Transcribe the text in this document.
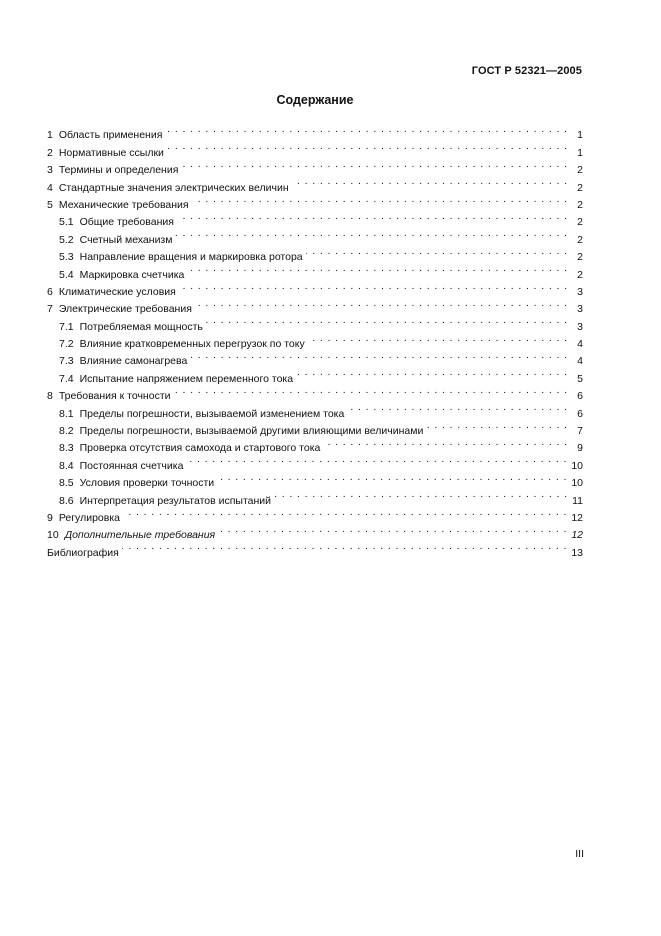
ГОСТ Р 52321—2005
Содержание
1 Область применения . . .	1
2 Нормативные ссылки . . .	1
3 Термины и определения . . .	2
4 Стандартные значения электрических величин . . .	2
5 Механические требования . . .	2
5.1 Общие требования . . .	2
5.2 Счетный механизм . . .	2
5.3 Направление вращения и маркировка ротора . . .	2
5.4 Маркировка счетчика . . .	2
6 Климатические условия . . .	3
7 Электрические требования . . .	3
7.1 Потребляемая мощность . . .	3
7.2 Влияние кратковременных перегрузок по току . . .	4
7.3 Влияние самонагрева . . .	4
7.4 Испытание напряжением переменного тока . . .	5
8 Требования к точности . . .	6
8.1 Пределы погрешности, вызываемой изменением тока . . .	6
8.2 Пределы погрешности, вызываемой другими влияющими величинами . . .	7
8.3 Проверка отсутствия самохода и стартового тока . . .	9
8.4 Постоянная счетчика . . .	10
8.5 Условия проверки точности . . .	10
8.6 Интерпретация результатов испытаний . . .	11
9 Регулировка . . .	12
10 Дополнительные требования . . .	12
Библиография . . .	13
III
